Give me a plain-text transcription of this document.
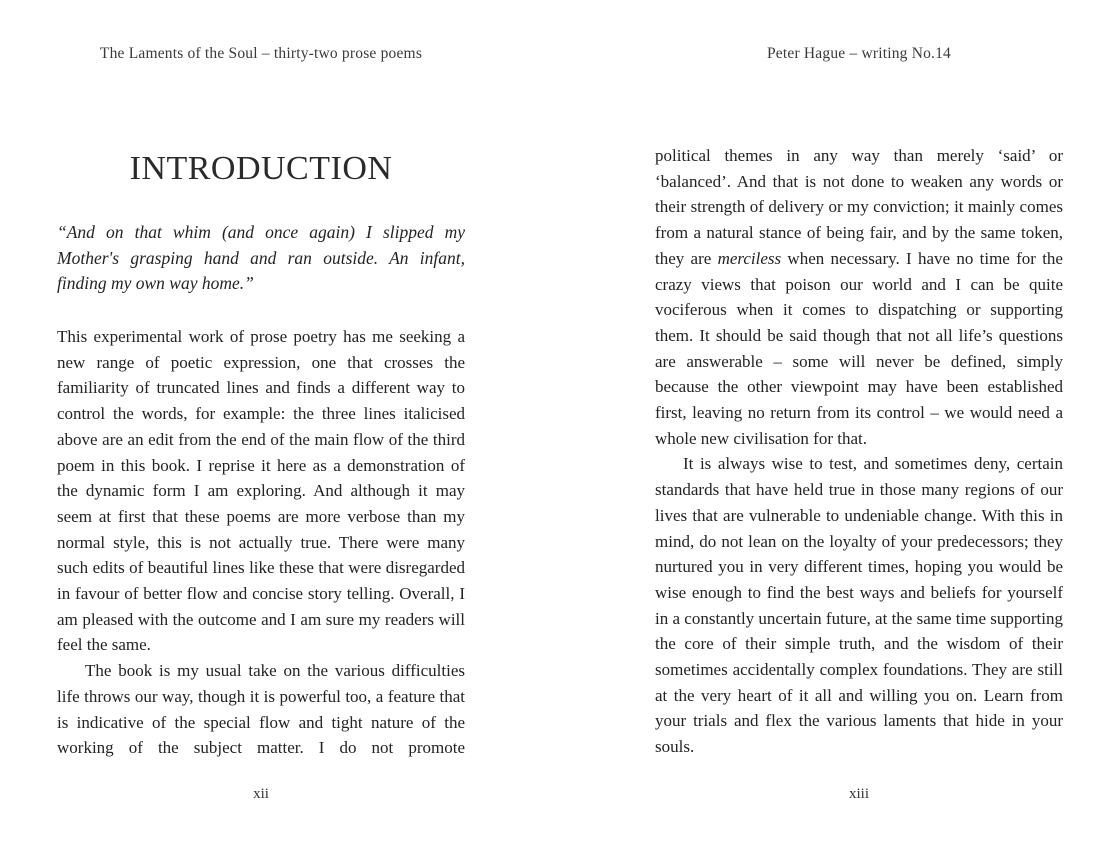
The Laments of the Soul – thirty-two prose poems
INTRODUCTION

“And on that whim (and once again) I slipped my Mother's grasping hand and ran outside. An infant, finding my own way home.”

This experimental work of prose poetry has me seeking a new range of poetic expression, one that crosses the familiarity of truncated lines and finds a different way to control the words, for example: the three lines italicised above are an edit from the end of the main flow of the third poem in this book. I reprise it here as a demonstration of the dynamic form I am exploring. And although it may seem at first that these poems are more verbose than my normal style, this is not actually true. There were many such edits of beautiful lines like these that were disregarded in favour of better flow and concise story telling. Overall, I am pleased with the outcome and I am sure my readers will feel the same.

The book is my usual take on the various difficulties life throws our way, though it is powerful too, a feature that is indicative of the special flow and tight nature of the working of the subject matter. I do not promote

xii
Peter Hague – writing No.14

political themes in any way than merely ‘said’ or ‘balanced’. And that is not done to weaken any words or their strength of delivery or my conviction; it mainly comes from a natural stance of being fair, and by the same token, they are merciless when necessary. I have no time for the crazy views that poison our world and I can be quite vociferous when it comes to dispatching or supporting them. It should be said though that not all life’s questions are answerable – some will never be defined, simply because the other viewpoint may have been established first, leaving no return from its control – we would need a whole new civilisation for that.

It is always wise to test, and sometimes deny, certain standards that have held true in those many regions of our lives that are vulnerable to undeniable change. With this in mind, do not lean on the loyalty of your predecessors; they nurtured you in very different times, hoping you would be wise enough to find the best ways and beliefs for yourself in a constantly uncertain future, at the same time supporting the core of their simple truth, and the wisdom of their sometimes accidentally complex foundations. They are still at the very heart of it all and willing you on. Learn from your trials and flex the various laments that hide in your souls.

xiii
